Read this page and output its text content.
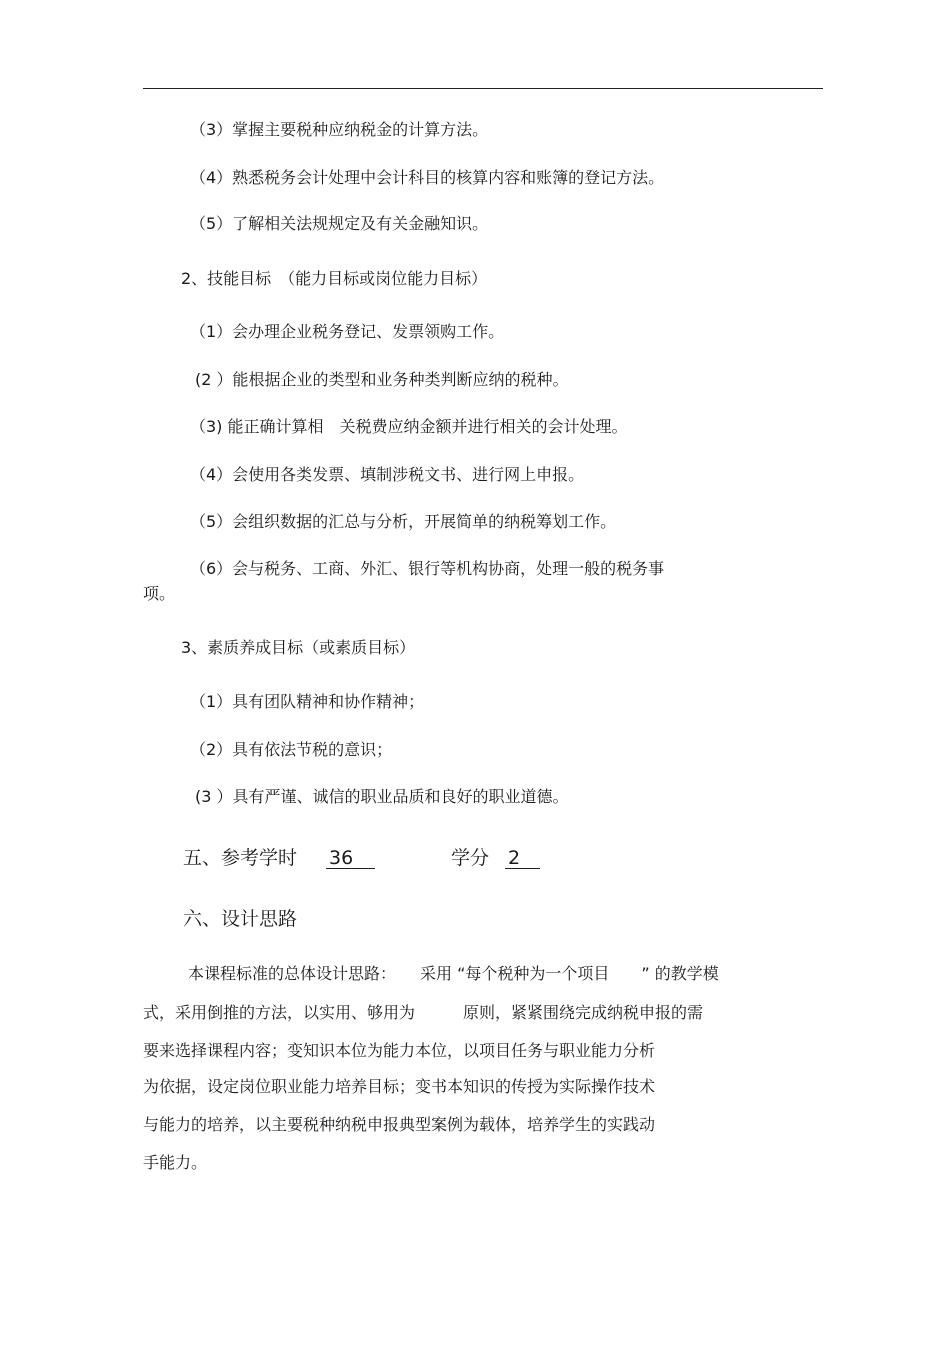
（3）掌握主要税种应纳税金的计算方法。
（4）熟悉税务会计处理中会计科目的核算内容和账簿的登记方法。
（5）了解相关法规规定及有关金融知识。
2、技能目标　（能力目标或岗位能力目标）
（1）会办理企业税务登记、发票领购工作。
(2 ）能根据企业的类型和业务种类判断应纳的税种。
（3) 能正确计算相　关税费应纳金额并进行相关的会计处理。
（4）会使用各类发票、填制涉税文书、进行网上申报。
（5）会组织数据的汇总与分析，开展简单的纳税筹划工作。
（6）会与税务、工商、外汇、银行等机构协商，处理一般的税务事
项。
3、素质养成目标（或素质目标）
（1）具有团队精神和协作精神；
（2）具有依法节税的意识；
(3 ）具有严谨、诚信的职业品质和良好的职业道德。
五、参考学时 36	学分 2
六、设计思路
本课程标准的总体设计思路：　　采用 “每个税种为一个项目　　” 的教学模
式，采用倒推的方法，以实用、够用为　　　原则，紧紧围绕完成纳税申报的需
要来选择课程内容；变知识本位为能力本位，以项目任务与职业能力分析
为依据，设定岗位职业能力培养目标；变书本知识的传授为实际操作技术
与能力的培养，以主要税种纳税申报典型案例为载体，培养学生的实践动
手能力。
